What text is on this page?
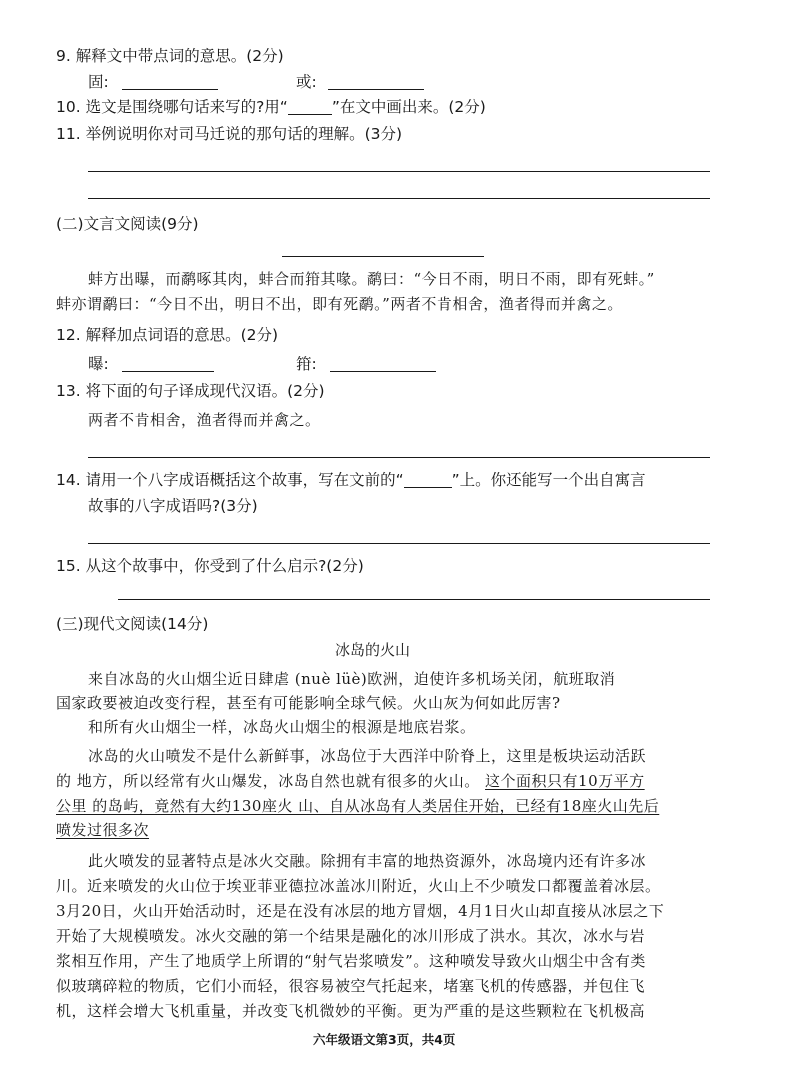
9. 解释文中带点词的意思。(2分)
固:	或:
10. 选文是围绕哪句话来写的?用“	”在文中画出来。(2分)
11. 举例说明你对司马迁说的那句话的理解。(3分)
(二)文言文阅读(9分)
蚌方出曝，而鹬啄其肉，蚌合而箝其喙。鹬曰：“今日不雨，明日不雨，即有死蚌。”
蚌亦谓鹬曰：“今日不出，明日不出，即有死鹬。”两者不肯相舍，渔者得而并禽之。
12. 解释加点词语的意思。(2分)
曝:	箝:
13. 将下面的句子译成现代汉语。(2分)
两者不肯相舍，渔者得而并禽之。
14. 请用一个八字成语概括这个故事，写在文前的“	”上。你还能写一个出自寓言
故事的八字成语吗?(3分)
15. 从这个故事中，你受到了什么启示?(2分)
(三)现代文阅读(14分)
冰岛的火山
来自冰岛的火山烟尘近日肆虐 (nuè lüè)欧洲，迫使许多机场关闭，航班取消
国家政要被迫改变行程，甚至有可能影响全球气候。火山灰为何如此厉害?
和所有火山烟尘一样，冰岛火山烟尘的根源是地底岩浆。
冰岛的火山喷发不是什么新鲜事，冰岛位于大西洋中阶脊上，这里是板块运动活跃
的 地方，所以经常有火山爆发，冰岛自然也就有很多的火山。 这个面积只有10万平方
公里 的岛屿，竟然有大约130座火 山、自从冰岛有人类居住开始，已经有18座火山先后
喷发过很多次
此火喷发的显著特点是冰火交融。除拥有丰富的地热资源外，冰岛境内还有许多冰
川。近来喷发的火山位于埃亚菲亚德拉冰盖冰川附近，火山上不少喷发口都覆盖着冰层。
3月20日，火山开始活动时，还是在没有冰层的地方冒烟，4月1日火山却直接从冰层之下
开始了大规模喷发。冰火交融的第一个结果是融化的冰川形成了洪水。其次，冰水与岩
浆相互作用，产生了地质学上所谓的“射气岩浆喷发”。这种喷发导致火山烟尘中含有类
似玻璃碎粒的物质，它们小而轻，很容易被空气托起来，堵塞飞机的传感器，并包住飞
机，这样会增大飞机重量，并改变飞机微妙的平衡。更为严重的是这些颗粒在飞机极高
六年级语文第3页，共4页
